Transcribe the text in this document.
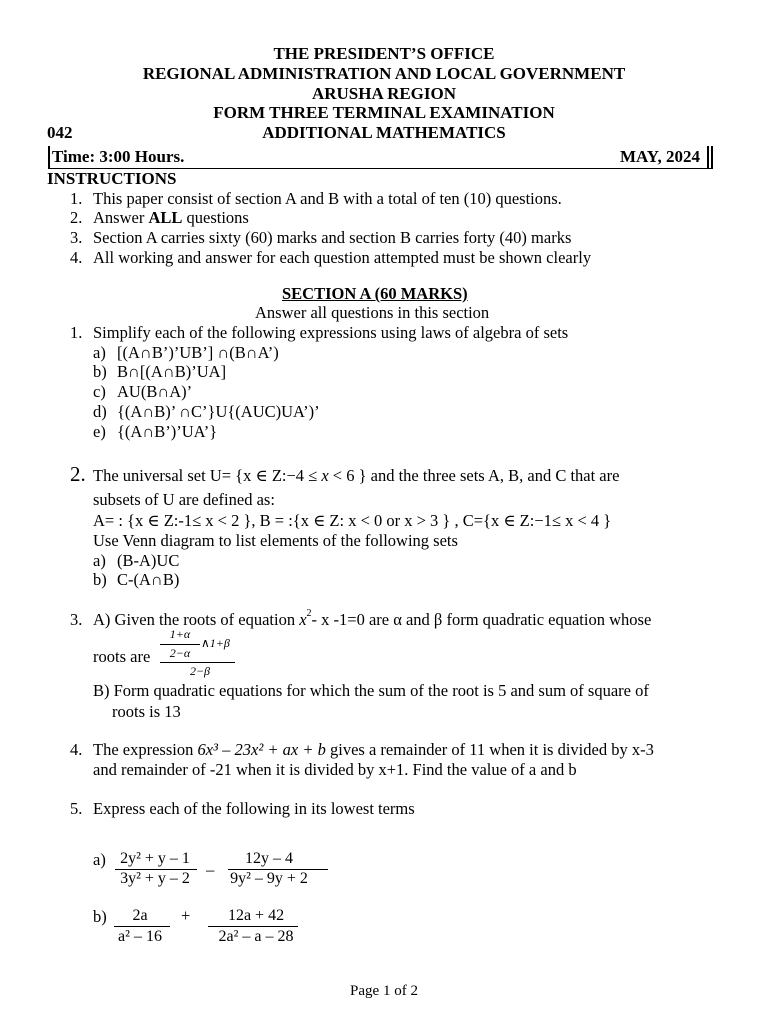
THE PRESIDENT’S OFFICE
REGIONAL ADMINISTRATION AND LOCAL GOVERNMENT
ARUSHA REGION
FORM THREE TERMINAL EXAMINATION
042	ADDITIONAL MATHEMATICS
Time: 3:00 Hours.	MAY, 2024
INSTRUCTIONS
1. This paper consist of section A and B with a total of ten (10) questions.
2. Answer ALL questions
3. Section A carries sixty (60) marks and section B carries forty (40) marks
4. All working and answer for each question attempted must be shown clearly
SECTION A (60 MARKS)
Answer all questions in this section
1. Simplify each of the following expressions using laws of algebra of sets
a) [(A∩B’)’UB’] ∩(B∩A’)
b) B∩[(A∩B)’UA]
c) AU(B∩A)’
d) {(A∩B)’ ∩C’}U{(AUC)UA’)’
e) {(A∩B’)’UA’}
2. The universal set U= {x ∈ Z:−4 ≤ x < 6 } and the three sets A, B, and C that are
subsets of U are defined as:
A= : {x ∈ Z:-1≤ x < 2 }, B = :{x ∈ Z: x < 0 or x > 3 } , C={x ∈ Z:−1≤ x < 4 }
Use Venn diagram to list elements of the following sets
a) (B-A)UC
b) C-(A∩B)
3. A) Given the roots of equation $x^2-$ x -1=0 are α and β form quadratic equation whose
roots are
1+α
2−α
∧1+β
2−β
B) Form quadratic equations for which the sum of the root is 5 and sum of square of
roots is 13
4. The expression 6x³ – 23x² + ax + b gives a remainder of 11 when it is divided by x-3
and remainder of -21 when it is divided by x+1. Find the value of a and b
5. Express each of the following in its lowest terms
a) 2y² + y – 1
3y² + y – 2 –
12y – 4
9y² – 9y + 2
b)	2a
a² – 16
+	12a + 42
2a² – a – 28
Page 1 of 2
